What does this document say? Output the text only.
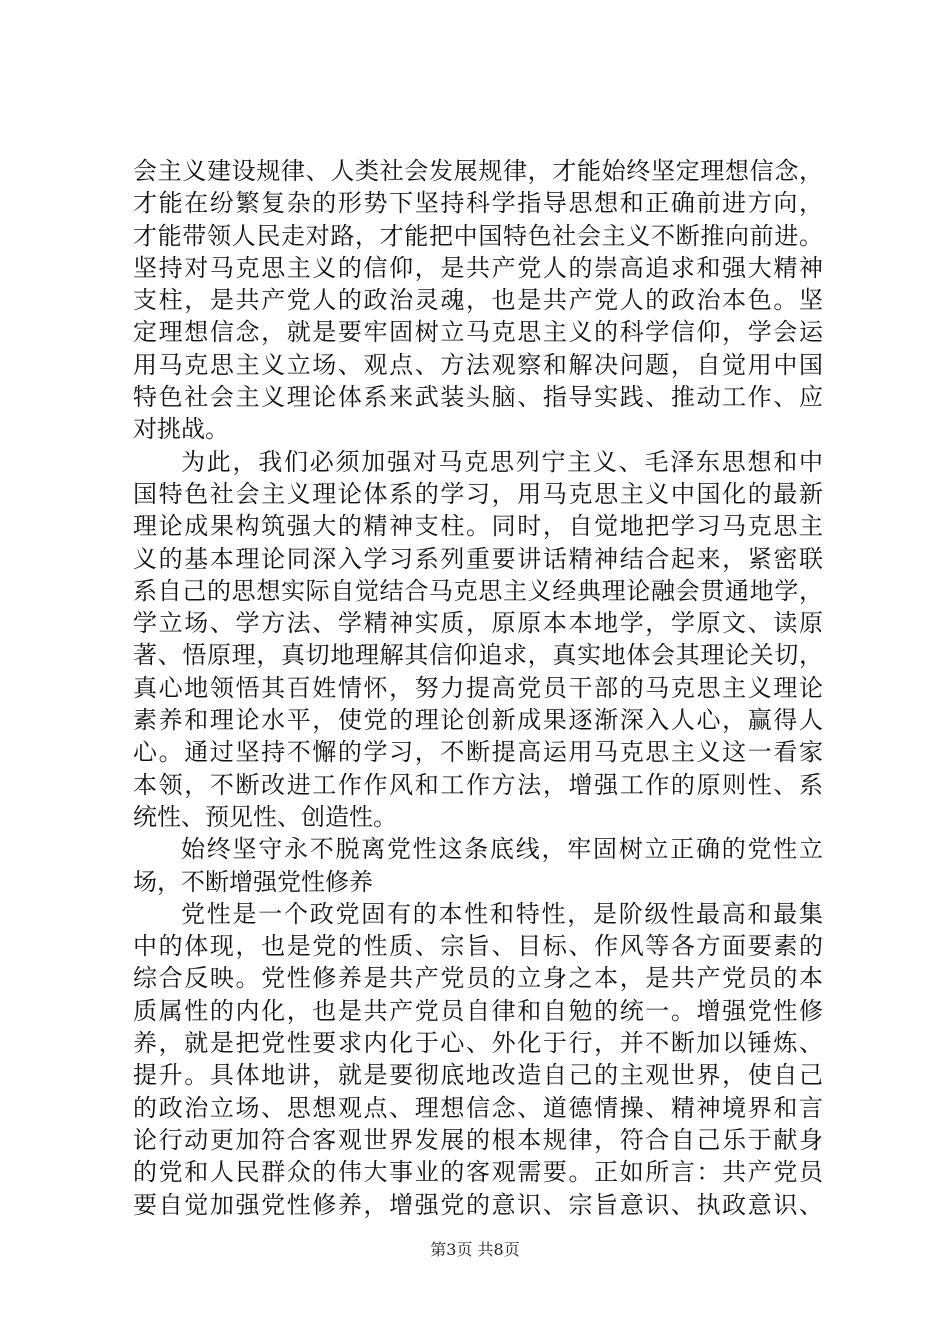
会主义建设规律、人类社会发展规律，才能始终坚定理想信念，
才能在纷繁复杂的形势下坚持科学指导思想和正确前进方向，
才能带领人民走对路，才能把中国特色社会主义不断推向前进。
坚持对马克思主义的信仰，是共产党人的崇高追求和强大精神
支柱，是共产党人的政治灵魂，也是共产党人的政治本色。坚
定理想信念，就是要牢固树立马克思主义的科学信仰，学会运
用马克思主义立场、观点、方法观察和解决问题，自觉用中国
特色社会主义理论体系来武装头脑、指导实践、推动工作、应
对挑战。
为此，我们必须加强对马克思列宁主义、毛泽东思想和中
国特色社会主义理论体系的学习，用马克思主义中国化的最新
理论成果构筑强大的精神支柱。同时，自觉地把学习马克思主
义的基本理论同深入学习系列重要讲话精神结合起来，紧密联
系自己的思想实际自觉结合马克思主义经典理论融会贯通地学，
学立场、学方法、学精神实质，原原本本地学，学原文、读原
著、悟原理，真切地理解其信仰追求，真实地体会其理论关切，
真心地领悟其百姓情怀，努力提高党员干部的马克思主义理论
素养和理论水平，使党的理论创新成果逐渐深入人心，赢得人
心。通过坚持不懈的学习，不断提高运用马克思主义这一看家
本领，不断改进工作作风和工作方法，增强工作的原则性、系
统性、预见性、创造性。
始终坚守永不脱离党性这条底线，牢固树立正确的党性立
场，不断增强党性修养
党性是一个政党固有的本性和特性，是阶级性最高和最集
中的体现，也是党的性质、宗旨、目标、作风等各方面要素的
综合反映。党性修养是共产党员的立身之本，是共产党员的本
质属性的内化，也是共产党员自律和自勉的统一。增强党性修
养，就是把党性要求内化于心、外化于行，并不断加以锤炼、
提升。具体地讲，就是要彻底地改造自己的主观世界，使自己
的政治立场、思想观点、理想信念、道德情操、精神境界和言
论行动更加符合客观世界发展的根本规律，符合自己乐于献身
的党和人民群众的伟大事业的客观需要。正如所言：共产党员
要自觉加强党性修养，增强党的意识、宗旨意识、执政意识、
第3页 共8页
